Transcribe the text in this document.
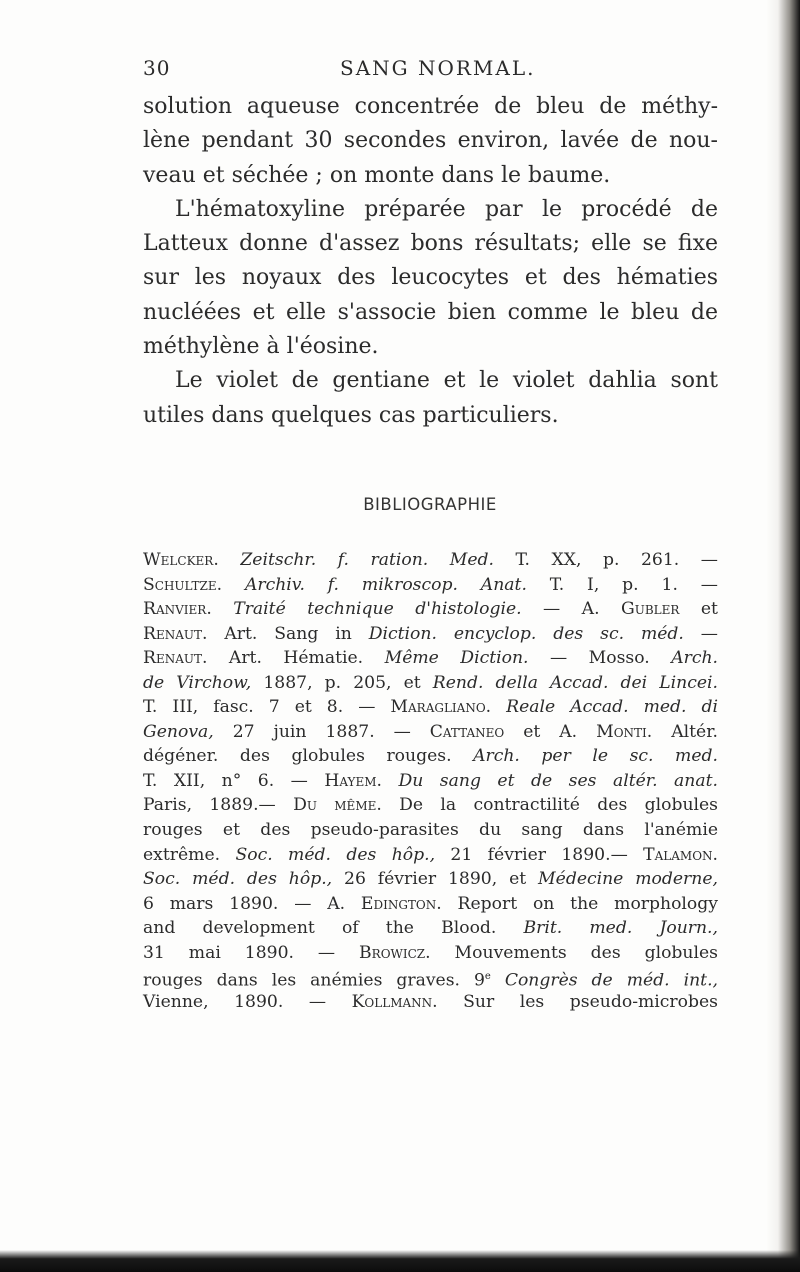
30	SANG NORMAL.
solution aqueuse concentrée de bleu de méthy-
lène pendant 30 secondes environ, lavée de nou-
veau et séchée ; on monte dans le baume.
L'hématoxyline préparée par le procédé de
Latteux donne d'assez bons résultats; elle se fixe
sur les noyaux des leucocytes et des hématies
nucléées et elle s'associe bien comme le bleu de
méthylène à l'éosine.
Le violet de gentiane et le violet dahlia sont
utiles dans quelques cas particuliers.
BIBLIOGRAPHIE
Welcker. Zeitschr. f. ration. Med. T. XX, p. 261. —
Schultze. Archiv. f. mikroscop. Anat. T. I, p. 1. —
Ranvier. Traité technique d'histologie. — A. Gubler et
Renaut. Art. Sang in Diction. encyclop. des sc. méd. —
Renaut. Art. Hématie. Même Diction. — Mosso. Arch.
de Virchow, 1887, p. 205, et Rend. della Accad. dei Lincei.
T. III, fasc. 7 et 8. — Maragliano. Reale Accad. med. di
Genova, 27 juin 1887. — Cattaneo et A. Monti. Altér.
dégéner. des globules rouges. Arch. per le sc. med.
T. XII, n° 6. — Hayem. Du sang et de ses altér. anat.
Paris, 1889.— Du même. De la contractilité des globules
rouges et des pseudo-parasites du sang dans l'anémie
extrême. Soc. méd. des hôp., 21 février 1890.— Talamon.
Soc. méd. des hôp., 26 février 1890, et Médecine moderne,
6 mars 1890. — A. Edington. Report on the morphology
and development of the Blood. Brit. med. Journ.,
31 mai 1890. — Browicz. Mouvements des globules
rouges dans les anémies graves. 9e Congrès de méd. int.,
Vienne, 1890. — Kollmann. Sur les pseudo-microbes
